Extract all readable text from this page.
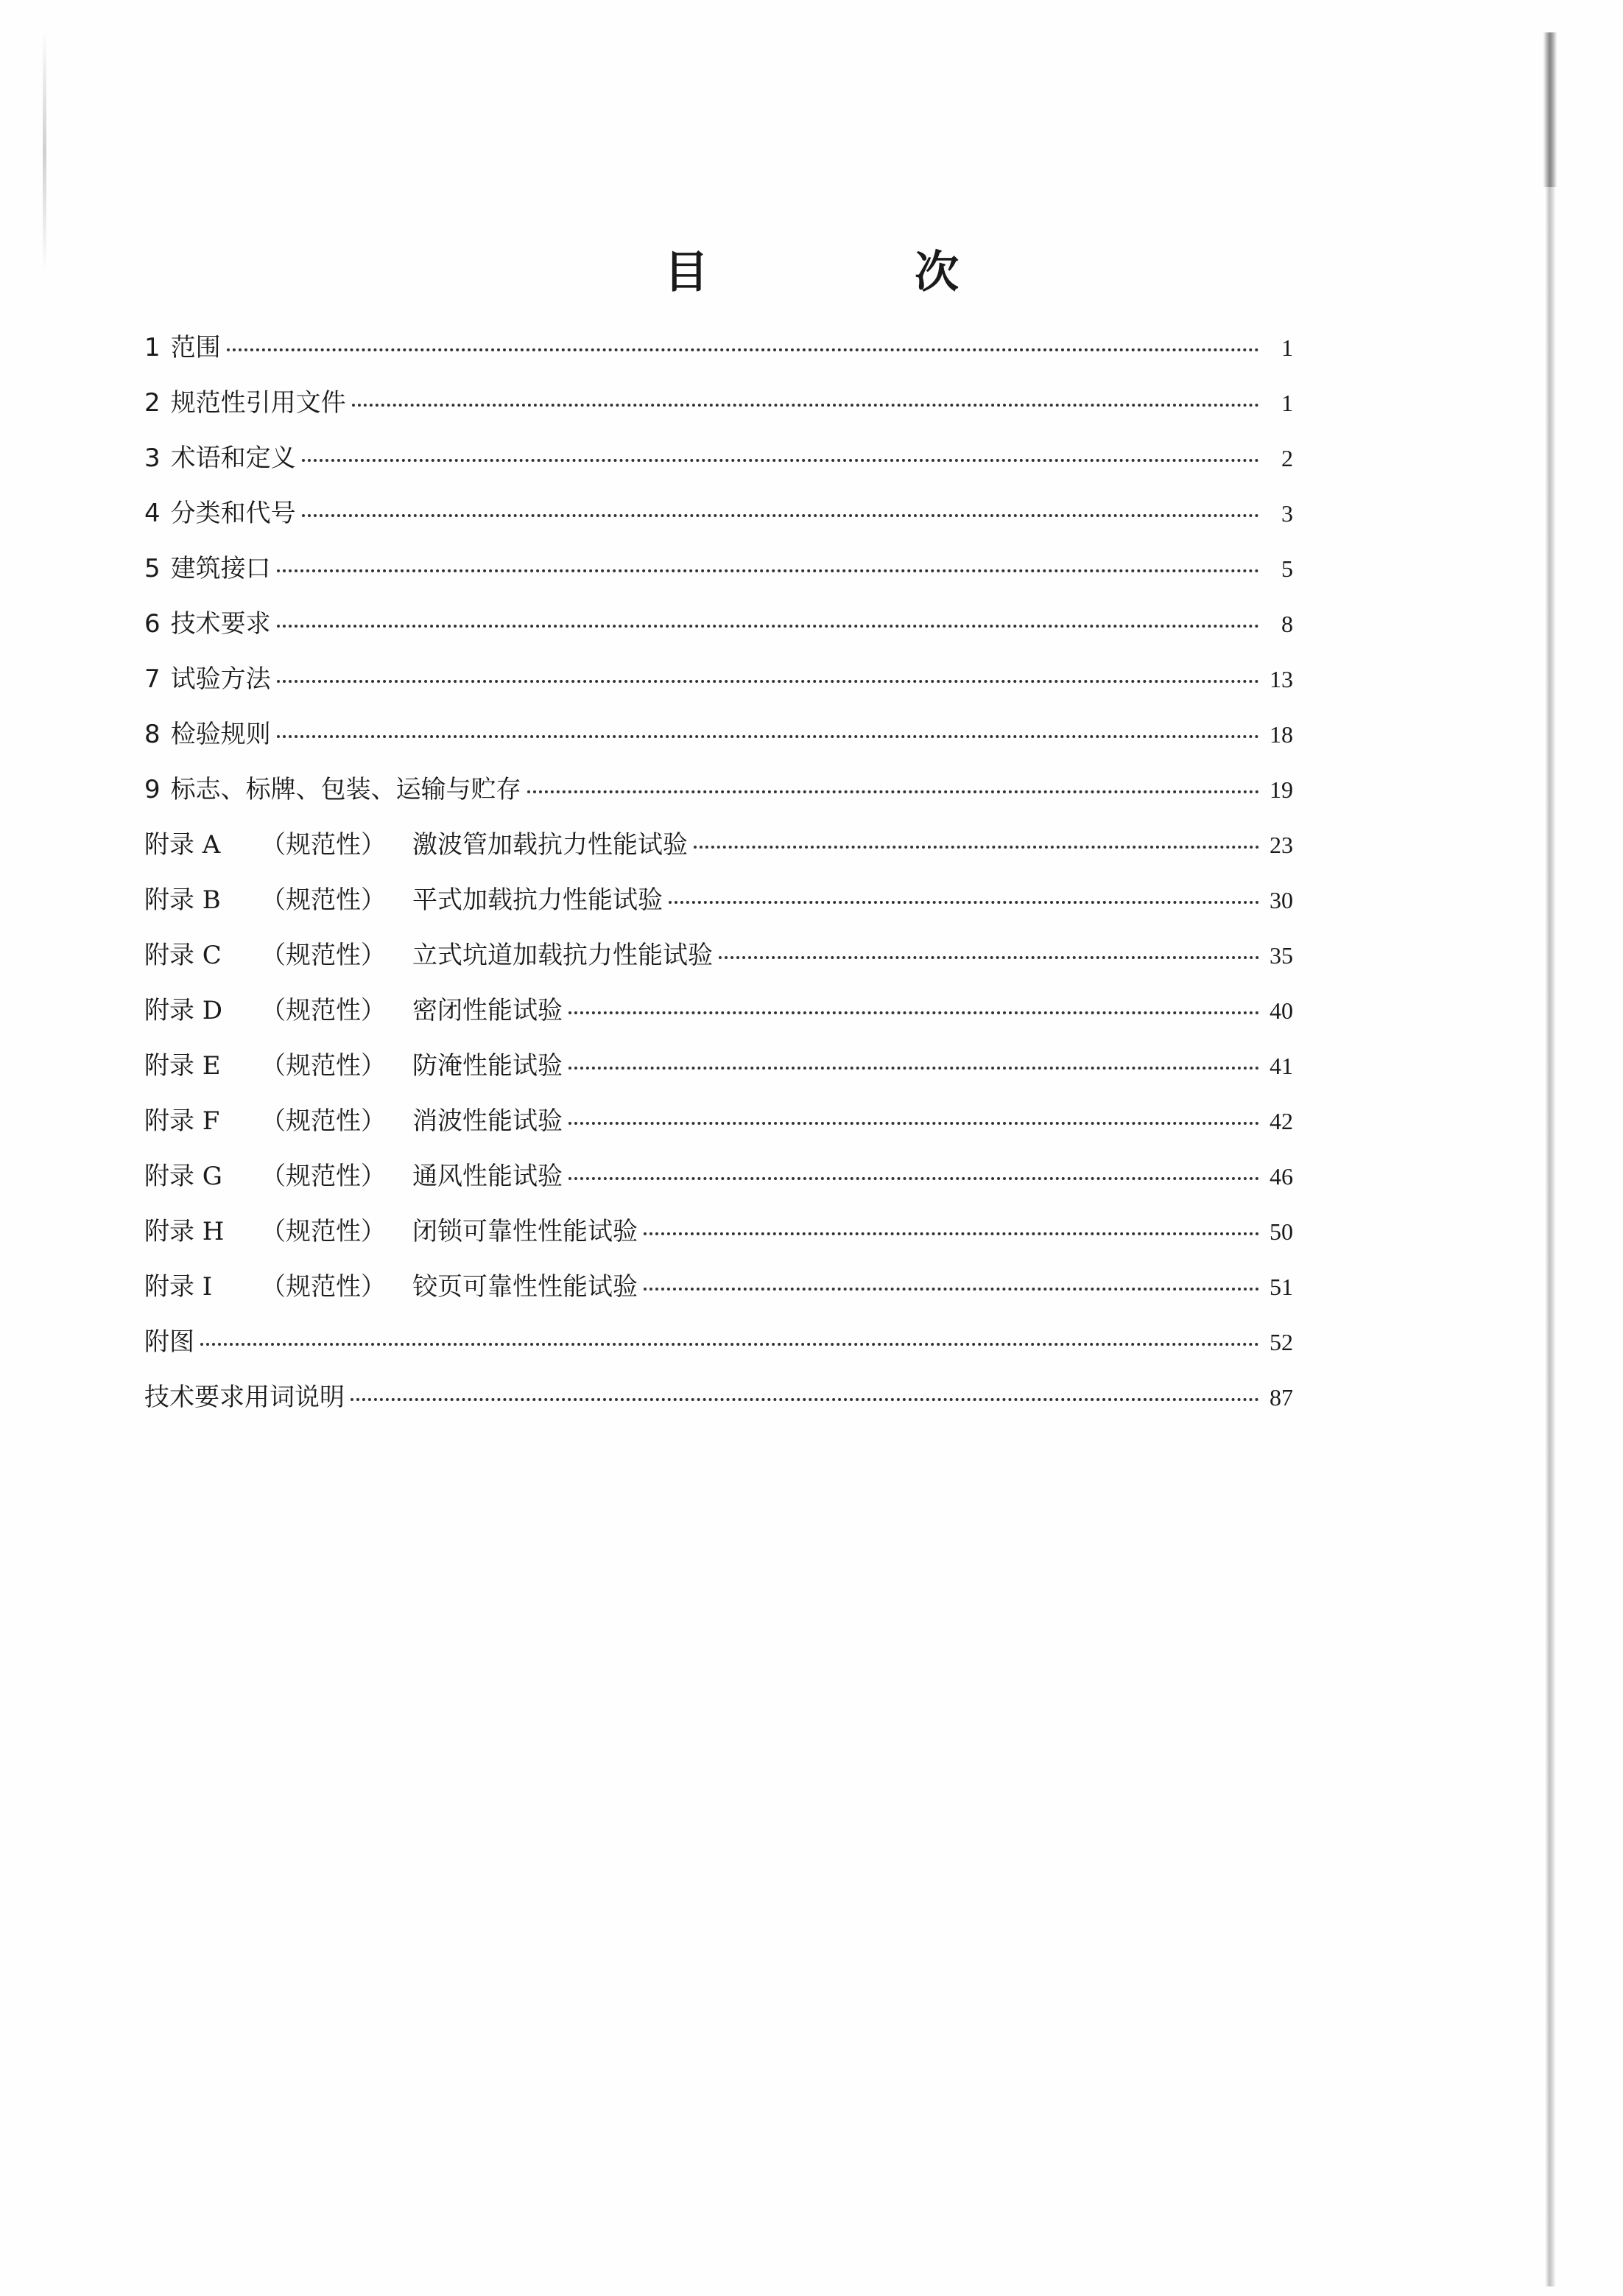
目　次
1 范围	1
2 规范性引用文件	1
3 术语和定义	2
4 分类和代号	3
5 建筑接口	5
6 技术要求	8
7 试验方法	13
8 检验规则	18
9 标志、标牌、包装、运输与贮存	19
附录 A	（规范性）	激波管加载抗力性能试验	23
附录 B	（规范性）	平式加载抗力性能试验	30
附录 C	（规范性）	立式坑道加载抗力性能试验	35
附录 D	（规范性）	密闭性能试验	40
附录 E	（规范性）	防淹性能试验	41
附录 F	（规范性）	消波性能试验	42
附录 G	（规范性）	通风性能试验	46
附录 H	（规范性）	闭锁可靠性性能试验	50
附录 I	（规范性）	铰页可靠性性能试验	51
附图	52
技术要求用词说明	87
